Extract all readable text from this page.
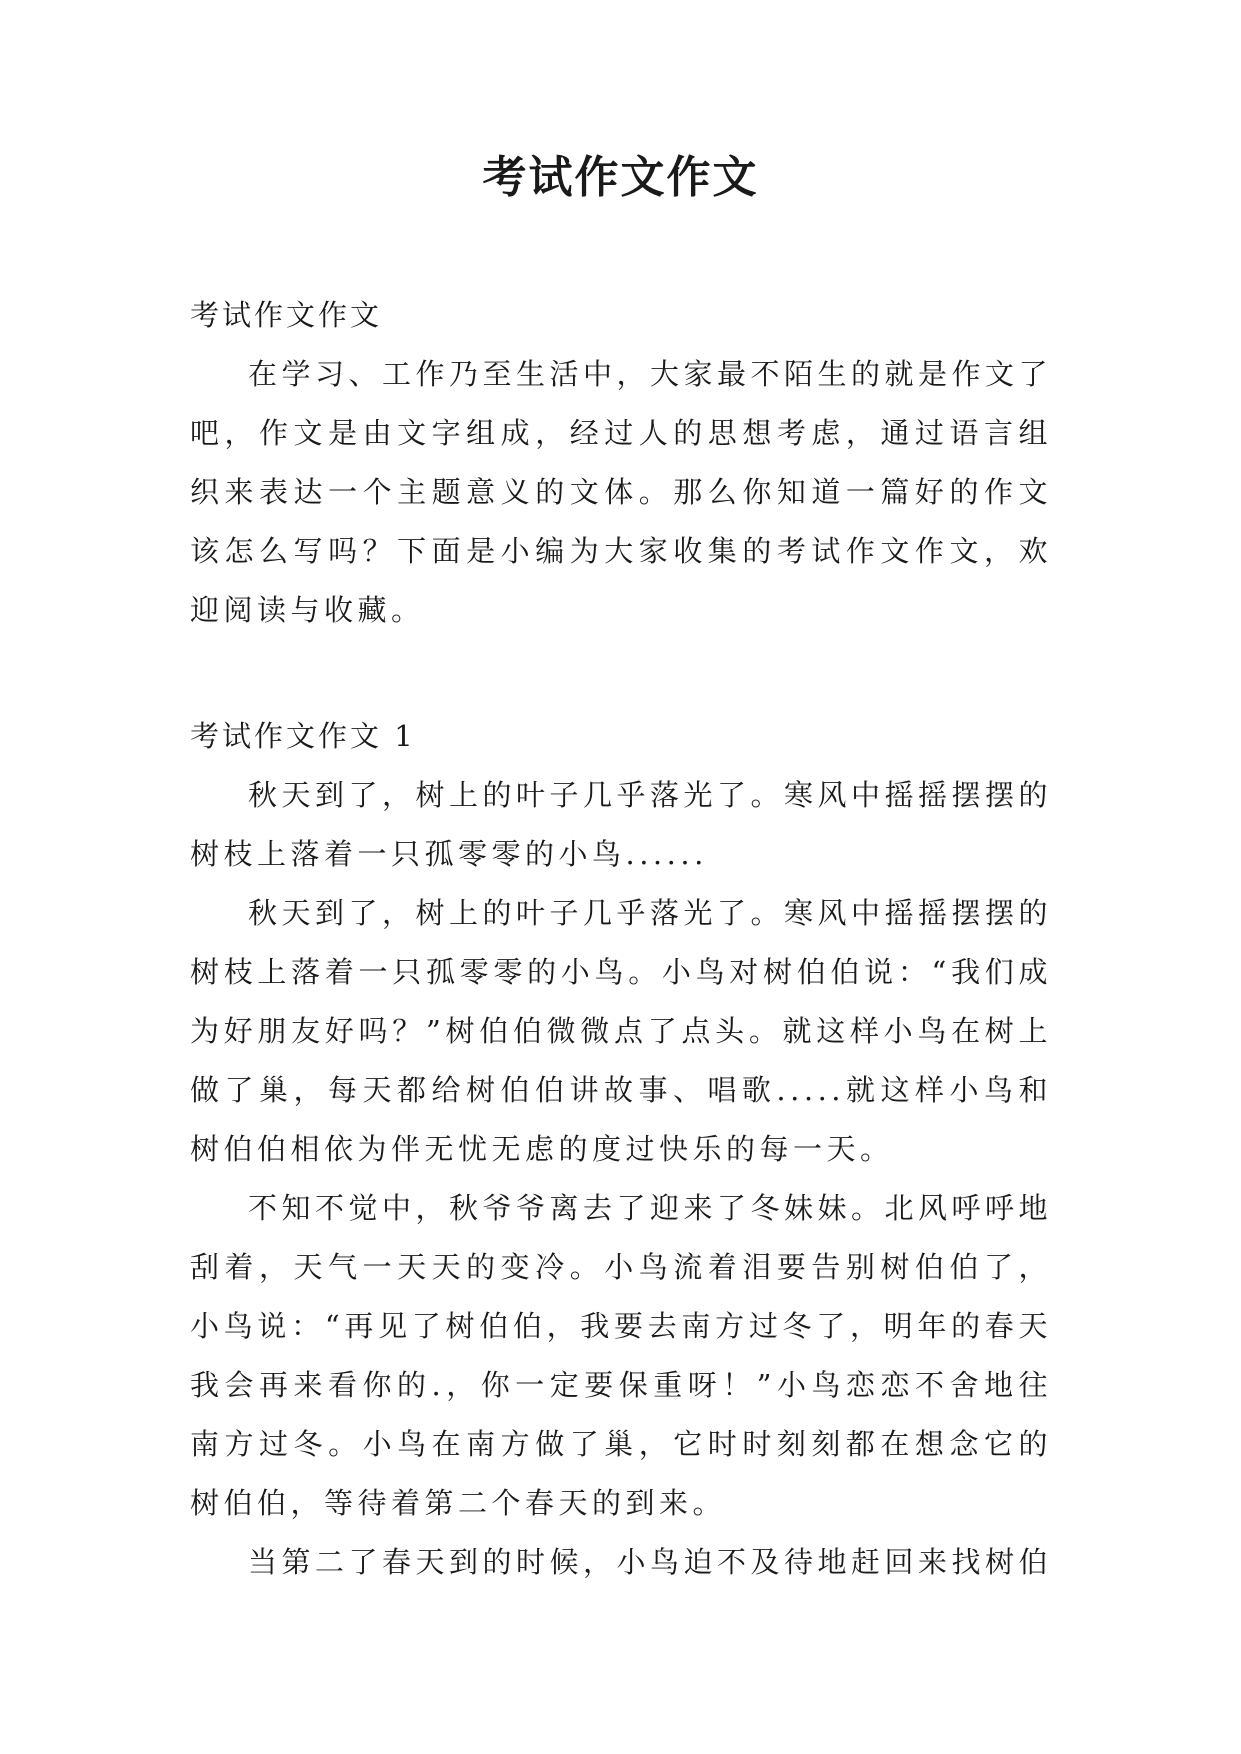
考试作文作文

考试作文作文

在学习、工作乃至生活中，大家最不陌生的就是作文了吧，作文是由文字组成，经过人的思想考虑，通过语言组织来表达一个主题意义的文体。那么你知道一篇好的作文该怎么写吗？下面是小编为大家收集的考试作文作文，欢迎阅读与收藏。

考试作文作文 1

秋天到了，树上的叶子几乎落光了。寒风中摇摇摆摆的树枝上落着一只孤零零的小鸟......

秋天到了，树上的叶子几乎落光了。寒风中摇摇摆摆的树枝上落着一只孤零零的小鸟。小鸟对树伯伯说：“我们成为好朋友好吗？”树伯伯微微点了点头。就这样小鸟在树上做了巢，每天都给树伯伯讲故事、唱歌.....就这样小鸟和树伯伯相依为伴无忧无虑的度过快乐的每一天。

不知不觉中，秋爷爷离去了迎来了冬妹妹。北风呼呼地刮着，天气一天天的变冷。小鸟流着泪要告别树伯伯了，小鸟说：“再见了树伯伯，我要去南方过冬了，明年的春天我会再来看你的.，你一定要保重呀！”小鸟恋恋不舍地往南方过冬。小鸟在南方做了巢，它时时刻刻都在想念它的树伯伯，等待着第二个春天的到来。

当第二了春天到的时候，小鸟迫不及待地赶回来找树伯
